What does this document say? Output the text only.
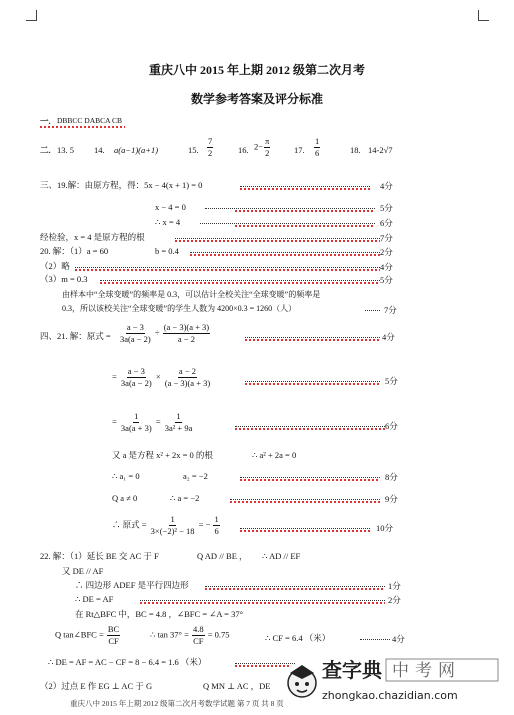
重庆八中 2015 年上期 2012 级第二次月考
数学参考答案及评分标准
一. DBBCC DABCA CB
二. 13. 5 14. a(a−1)(a+1)	15. $\frac{7}{2}$	16. $2- \frac{\pi}{2}$	17. $\frac{1}{6}$	18. 14-2√7
三、19.解：由原方程，得：5x − 4(x + 1) = 0	4分
x − 4 = 0	5分
∴ x = 4	6分
经检验，x = 4 是原方程的根	7分
20. 解：（1）a = 60	b = 0.4	2分
（2）略	4分
（3）m = 0.3	5分
由样本中“全球变暖”的频率是 0.3，可以估计全校关注“全球变暖”的频率是
0.3，所以该校关注“全球变暖”的学生人数为 4200×0.3 = 1260（人）	7分
四、21. 解：原式 = $\frac{a - 3}{3a(a - 2)} \div \frac{(a - 3)(a + 3)}{a - 2}$	4分
= $\frac{a - 3}{3a(a - 2)} \times \frac{a - 2}{(a - 3)(a + 3)}$	5分
= $\frac{1}{3a(a + 3)} = \frac{1}{\text{3a² + 9a}}$	6分
又 a 是方程 x² + 2x = 0 的根	∴ a² + 2a = 0
∴ a₁ = 0	a₂ = −2	8分
Q a ≠ 0	∴ a = −2	9分
∴ 原式 = $\frac{1}{\text{3×(−2)² − 18}}$ = − $\frac{1}{6}$	10分
22. 解：（1）延长 BE 交 AC 于 F	Q AD // BE ， ∴ AD // EF
又 DE // AF
∴ 四边形 ADEF 是平行四边形	1分
∴ DE = AF	2分
在 Rt△BFC 中，BC = 4.8 ，∠BFC = ∠A = 37°
Q tan∠BFC = $\frac{BC}{CF}$	∴ $\tan 37^\circ = \frac{4.8}{CF} = 0.75$	∴ CF = 6.4 （米）	4分
∴ DE = AF = AC − CF = 8 − 6.4 = 1.6 （米）
（2）过点 E 作 EG ⊥ AC 于 G	Q MN ⊥ AC ，DE
重庆八中 2015 年上期 2012 级第二次月考数学试题 第 7 页 共 8 页
查字典 中考网
zhongkao.chazidian.com
